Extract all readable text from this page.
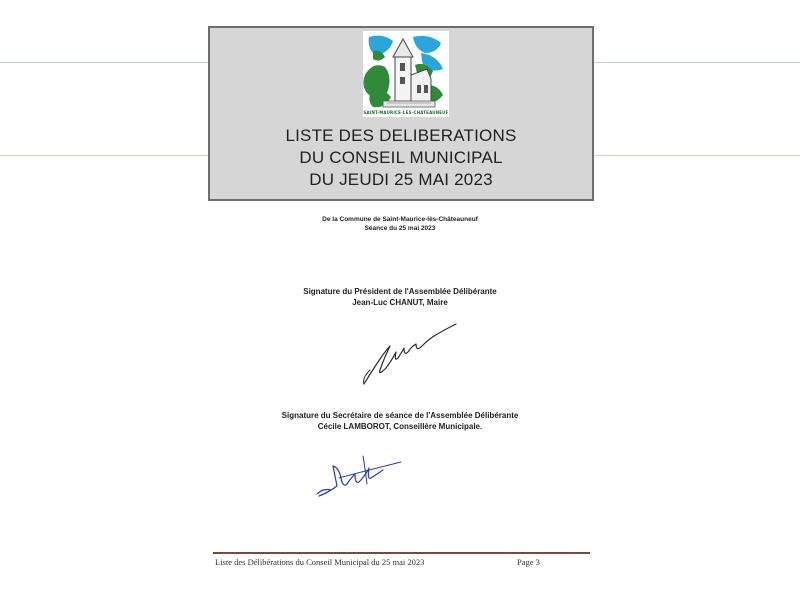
SAINT-MAURICE-LES-CHATEAUNEUF
LISTE DES DELIBERATIONS
DU CONSEIL MUNICIPAL
DU JEUDI 25 MAI 2023
De la Commune de Saint-Maurice-lès-Châteauneuf
Séance du 25 mai 2023
Signature du Président de l'Assemblée Délibérante
Jean-Luc CHANUT, Maire
Signature du Secrétaire de séance de l'Assemblée Délibérante
Cécile LAMBOROT, Conseillère Municipale.
Liste des Délibérations du Conseil Municipal du 25 mai 2023	Page 3
